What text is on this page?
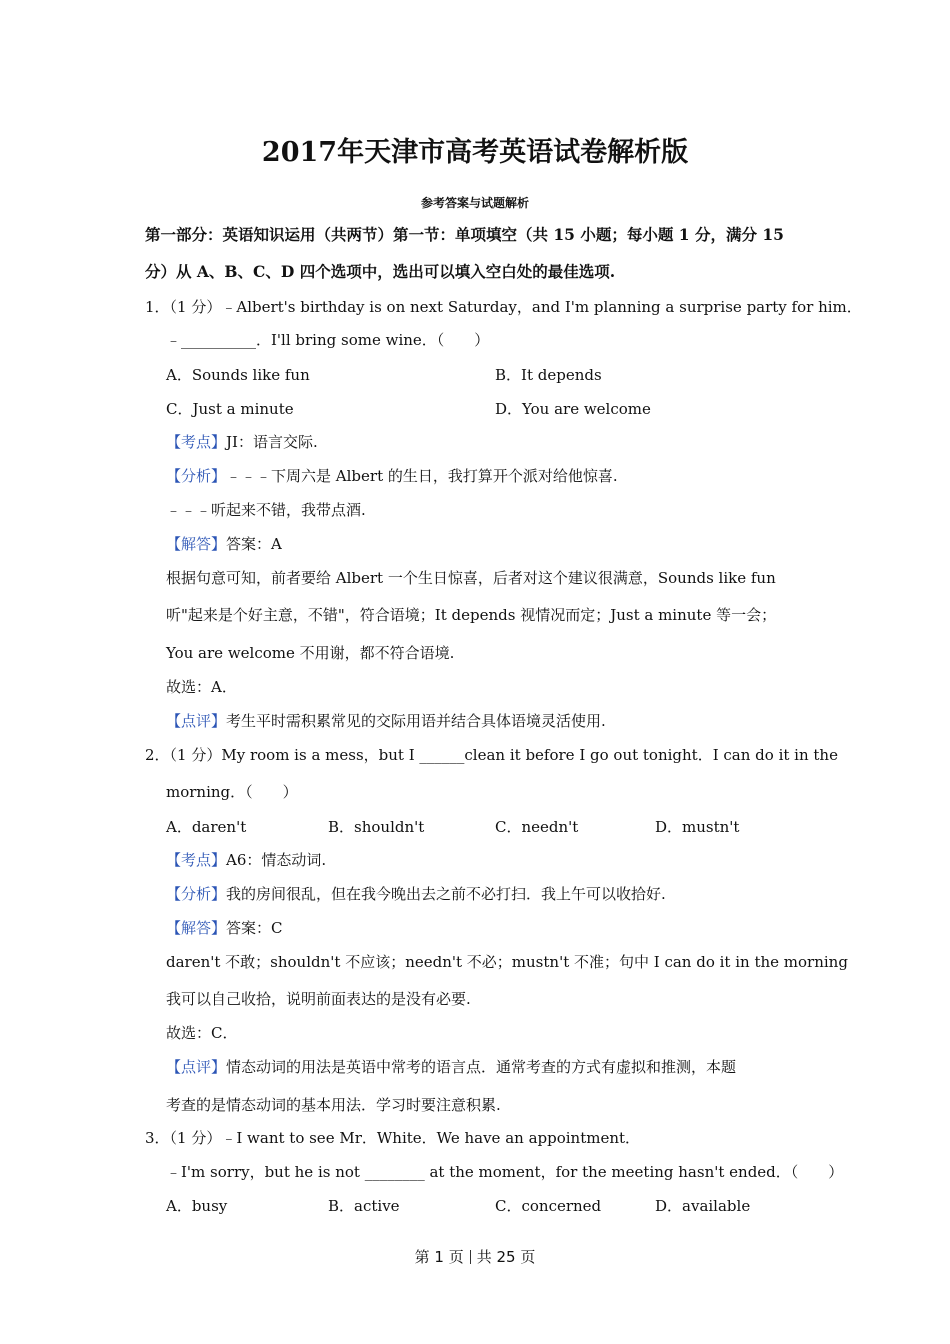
2017年天津市高考英语试卷解析版
参考答案与试题解析
第一部分：英语知识运用（共两节）第一节：单项填空（共 15 小题；每小题 1 分，满分 15
分）从 A、B、C、D 四个选项中，选出可以填入空白处的最佳选项.
1．（1 分）﹣Albert's birthday is on next Saturday，and I'm planning a surprise party for him．
﹣__________．I'll bring some wine．（　　）
A．Sounds like fun	B．It depends
C．Just a minute	D．You are welcome
【考点】JI：语言交际.
【分析】﹣﹣﹣下周六是 Albert 的生日，我打算开个派对给他惊喜.
﹣﹣﹣听起来不错，我带点酒.
【解答】答案：A
根据句意可知，前者要给 Albert 一个生日惊喜，后者对这个建议很满意，Sounds like fun
听"起来是个好主意，不错"，符合语境；It depends 视情况而定；Just a minute 等一会；
You are welcome 不用谢，都不符合语境.
故选：A．
【点评】考生平时需积累常见的交际用语并结合具体语境灵活使用.
2．（1 分）My room is a mess，but I ______clean it before I go out tonight．I can do it in the
morning．（　　）
A．daren't	B．shouldn't	C．needn't	D．mustn't
【考点】A6：情态动词.
【分析】我的房间很乱，但在我今晚出去之前不必打扫．我上午可以收拾好.
【解答】答案：C
daren't 不敢；shouldn't 不应该；needn't 不必；mustn't 不准；句中 I can do it in the morning
我可以自己收拾，说明前面表达的是没有必要.
故选：C．
【点评】情态动词的用法是英语中常考的语言点．通常考查的方式有虚拟和推测，本题
考查的是情态动词的基本用法．学习时要注意积累.
3．（1 分）﹣I want to see Mr．White．We have an appointment．
﹣I'm sorry，but he is not ________ at the moment，for the meeting hasn't ended．（　　）
A．busy	B．active	C．concerned	D．available
第 1 页 共 25 页
